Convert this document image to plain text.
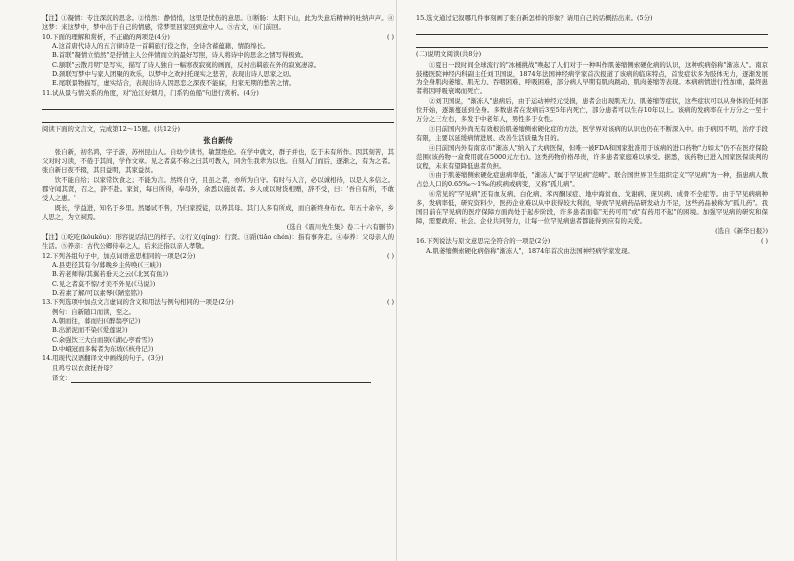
【注】①凝情：专注深沉的思念。②悄然：静悄悄，这里是忧伤的意思。③断肠：太阳下山，此为失意后精神的吐纳声声。④这梦：来这梦中，梦中出于自己的情感，常梦里回家回到意中人。⑤古文，⑥门前回。

10.下面的理解和赏析，不正确的两项是(4分)	( )

A.这首唐代诗人的五言律诗是一首羁旅行役之作，全诗含蓄蕴藉、情韵绵长。

B.首联"凝情立悄然"是抒情主人公伴情而立的最好写照，诗人将诗中的思念之情写得极致。

C.颔联"云散月明"是写实，描写了诗人独自一幅寒夜寂寞的画面，反衬出羁旅在外的寂寞凄凉。

D.颈联写梦中与家人团聚的欢乐，以梦中之欢衬托现实之悲苦，表现出诗人思家之切。

E.尾联景物描写，虚实结合，表现出诗人因思恋之深夜不能寐，归家无期的愁苦之情。

11.试从景与情关系的角度，对"沧江好烟月，门系钓鱼船"句进行赏析。(4分)

阅读下面的文言文，完成第12～15题。(共12分)

张自新传

张自新，初名鸿，字子游，苏州昆山人。自幼少读书，敏慧绝伦。在学中就文，群子并也，讫于未有所作。因其刻苦，其父对时习读，不倦于其间，学作文章。见之者莫不称之曰其可教入，同舍生我辈为以也。自刻入门而后，逐渐之，有为之者。张自新日夜不辍，其目益明，其家益贫。

饮不能自给；以家常饮食之；不能为言。然终自守，且虽之者，亦所为自守。有时与人言，必以诚相待，以是人多信之。郡守闻其贤，召之，辞不赴。家贫，每日所得，奉母外，余悉以施贫者。乡人或以财货相赠，辞不受，曰：'吾自有所，不敢受人之惠。'

既长，学益进，知名于乡里。然屡试不售，乃归家授徒，以养其母。其门人多有所成，而自新终身布衣。年五十余卒，乡人思之，为立祠焉。

(选自《震川先生集》卷二十六有删节)

【注】①吃吃(kǒukǒu)：形容说话结巴的样子。②行义(qíng)：行贤。③蹈(tiǎo chén)：指有事奔走。④奉养：父母亲人的生活。⑤养亲：古代公卿侍奉之人，后来泛指以亲人孝敬。

12.下列各组句子中，加点词语意思相同的一项是(2分)	( )

A.县吏径其有今/暮晚乡主传唤(《三峡》)

B.若老师得/其翼若垂天之云(《北冥有鱼》)

C.见之者莫不惊/才美不外见(《马说》)

D.若素了解/可以素琴(《陋室铭》)

13.下列选项中加点文言虚词的含义和用法与例句相同的一项是(2分)	( )

例句：自新随口而读，至之。

A.朝而往，暮而归(《醉翁亭记》)

B.出淤泥而不染(《爱莲说》)

C.余强饮三大白而别(《湖心亭看雪》)

D.中峨冠而多髯者为东坡(《核舟记》)

14.用现代汉语翻译文中画线的句子。(3分)

且鸡亏以衣食抚吾母？

译文：

15.选文通过记叙哪几件事刻画了张自新怎样的形象？请用自己的话概括出来。(5分)

(二)说明文阅读(共8分)

①夏日一段时间全球流行的"冰桶挑战"唤起了人们对于一种叫作肌萎缩侧索硬化病的认识，这种疾病俗称"渐冻人"。南京鼓楼医院神经内科副主任刘卫国说，1874年法国神经病学家首次报道了该病的临床特点，首发症状多为肢体无力，逐渐发展为全身肌肉萎缩、肌无力、吞咽困难、呼吸困难，部分病人早期有肌肉跳动、肌肉萎缩等表现。本病病情进行性加重，最终患者将因呼吸衰竭而死亡。

②刘卫国说，"渐冻人"患病后，由于运动神经元受损，患者会出现肌无力、肌萎缩等症状，这些症状可以从身体的任何部位开始，逐渐蔓延到全身。多数患者在发病后3至5年内死亡，部分患者可以生存10年以上。该病的发病率在十万分之一至十万分之三左右，多发于中老年人，男性多于女性。

③目前国内外尚无有效根治肌萎缩侧索硬化症的方法，医学界对该病的认识也仍在不断深入中。由于病因不明，治疗手段有限，主要以延缓病情进展、改善生活质量为目的。

④目前国内外有南京市"渐冻人"纳入了大病医保，但唯一被FDA和国家批准用于该病的进口药物"力如太"仍不在医疗保险范围(该药物一盒费用就在5000元左右)。这类药物价格昂贵，许多患者家庭难以承受。据悉，该药物已进入国家医保谈判的议程，未来有望降低患者负担。

⑤由于肌萎缩侧索硬化症患病率低，"渐冻人"属于罕见病"范畴"。联合国世界卫生组织定义"罕见病"为一种，指患病人数占总人口的0.65‰～1‰的疾病或病变，又称"孤儿病"。

⑥常见的"罕见病"还有血友病、白化病、苯丙酮尿症、地中海贫血、戈谢病、庞贝病、成骨不全症等。由于罕见病病种多，发病率低，研究资料少，医药企业难以从中获得较大利润，导致罕见病药品研发动力不足，这些药品被称为"孤儿药"。我国目前在罕见病的医疗保障方面尚处于起步阶段，许多患者面临"无药可用"或"有药用不起"的困境。加强罕见病的研究和保障，需要政府、社会、企业共同努力，让每一位罕见病患者都能得到应有的关爱。

(选自《新华日报》)

16.下列说法与原文意思完全符合的一项是(2分)	( )

A.肌萎缩侧索硬化病俗称"渐冻人"，1874年首次由法国神经病学家发现。
